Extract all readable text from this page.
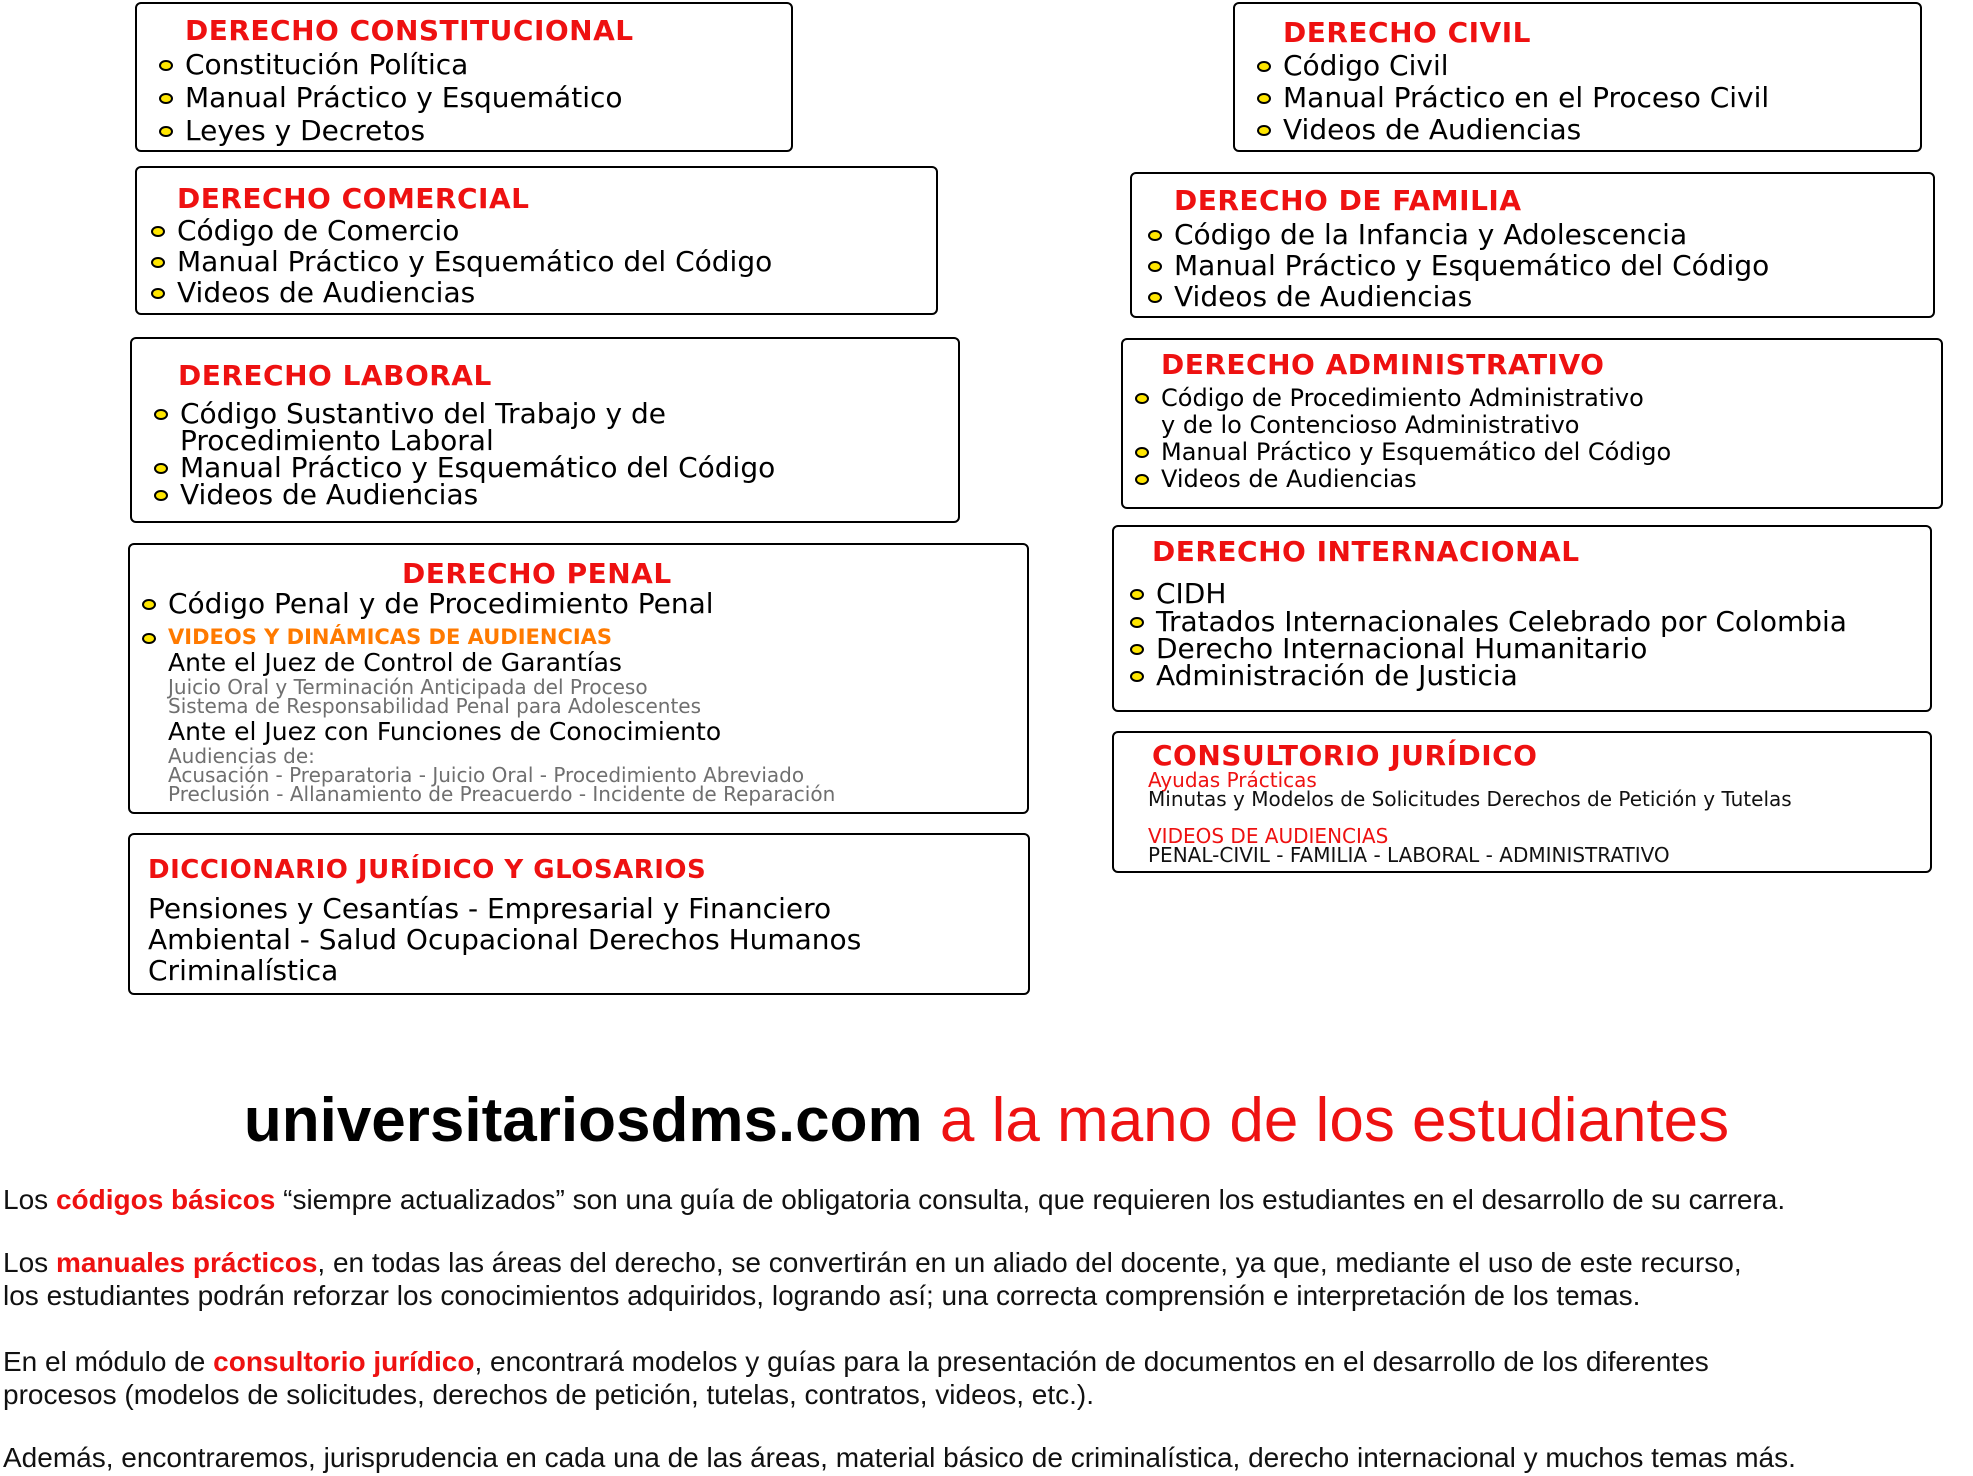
DERECHO CONSTITUCIONAL
Constitución Política
Manual Práctico y Esquemático
Leyes y Decretos
DERECHO COMERCIAL
Código de Comercio
Manual Práctico y Esquemático del Código
Videos de Audiencias
DERECHO LABORAL
Código Sustantivo del Trabajo y de
Procedimiento Laboral
Manual Práctico y Esquemático del Código
Videos de Audiencias
DERECHO PENAL
Código Penal y de Procedimiento Penal
VIDEOS Y DINÁMICAS DE AUDIENCIAS
Ante el Juez de Control de Garantías
Juicio Oral y Terminación Anticipada del Proceso
Sistema de Responsabilidad Penal para Adolescentes
Ante el Juez con Funciones de Conocimiento
Audiencias de:
Acusación - Preparatoria - Juicio Oral - Procedimiento Abreviado
Preclusión - Allanamiento de Preacuerdo - Incidente de Reparación
DICCIONARIO JURÍDICO Y GLOSARIOS
Pensiones y Cesantías - Empresarial y Financiero
Ambiental - Salud Ocupacional Derechos Humanos
Criminalística
DERECHO CIVIL
Código Civil
Manual Práctico en el Proceso Civil
Videos de Audiencias
DERECHO DE FAMILIA
Código de la Infancia y Adolescencia
Manual Práctico y Esquemático del Código
Videos de Audiencias
DERECHO ADMINISTRATIVO
Código de Procedimiento Administrativo
y de lo Contencioso Administrativo
Manual Práctico y Esquemático del Código
Videos de Audiencias
DERECHO INTERNACIONAL
CIDH
Tratados Internacionales Celebrado por Colombia
Derecho Internacional Humanitario
Administración de Justicia
CONSULTORIO JURÍDICO
Ayudas Prácticas
Minutas y Modelos de Solicitudes Derechos de Petición y Tutelas
VIDEOS DE AUDIENCIAS
PENAL-CIVIL - FAMILIA - LABORAL - ADMINISTRATIVO
universitariosdms.com a la mano de los estudiantes
Los códigos básicos “siempre actualizados” son una guía de obligatoria consulta, que requieren los estudiantes en el desarrollo de su carrera.
Los manuales prácticos, en todas las áreas del derecho, se convertirán en un aliado del docente, ya que, mediante el uso de este recurso,
los estudiantes podrán reforzar los conocimientos adquiridos, logrando así; una correcta comprensión e interpretación de los temas.
En el módulo de consultorio jurídico, encontrará modelos y guías para la presentación de documentos en el desarrollo de los diferentes
procesos (modelos de solicitudes, derechos de petición, tutelas, contratos, videos, etc.).
Además, encontraremos, jurisprudencia en cada una de las áreas, material básico de criminalística, derecho internacional y muchos temas más.
